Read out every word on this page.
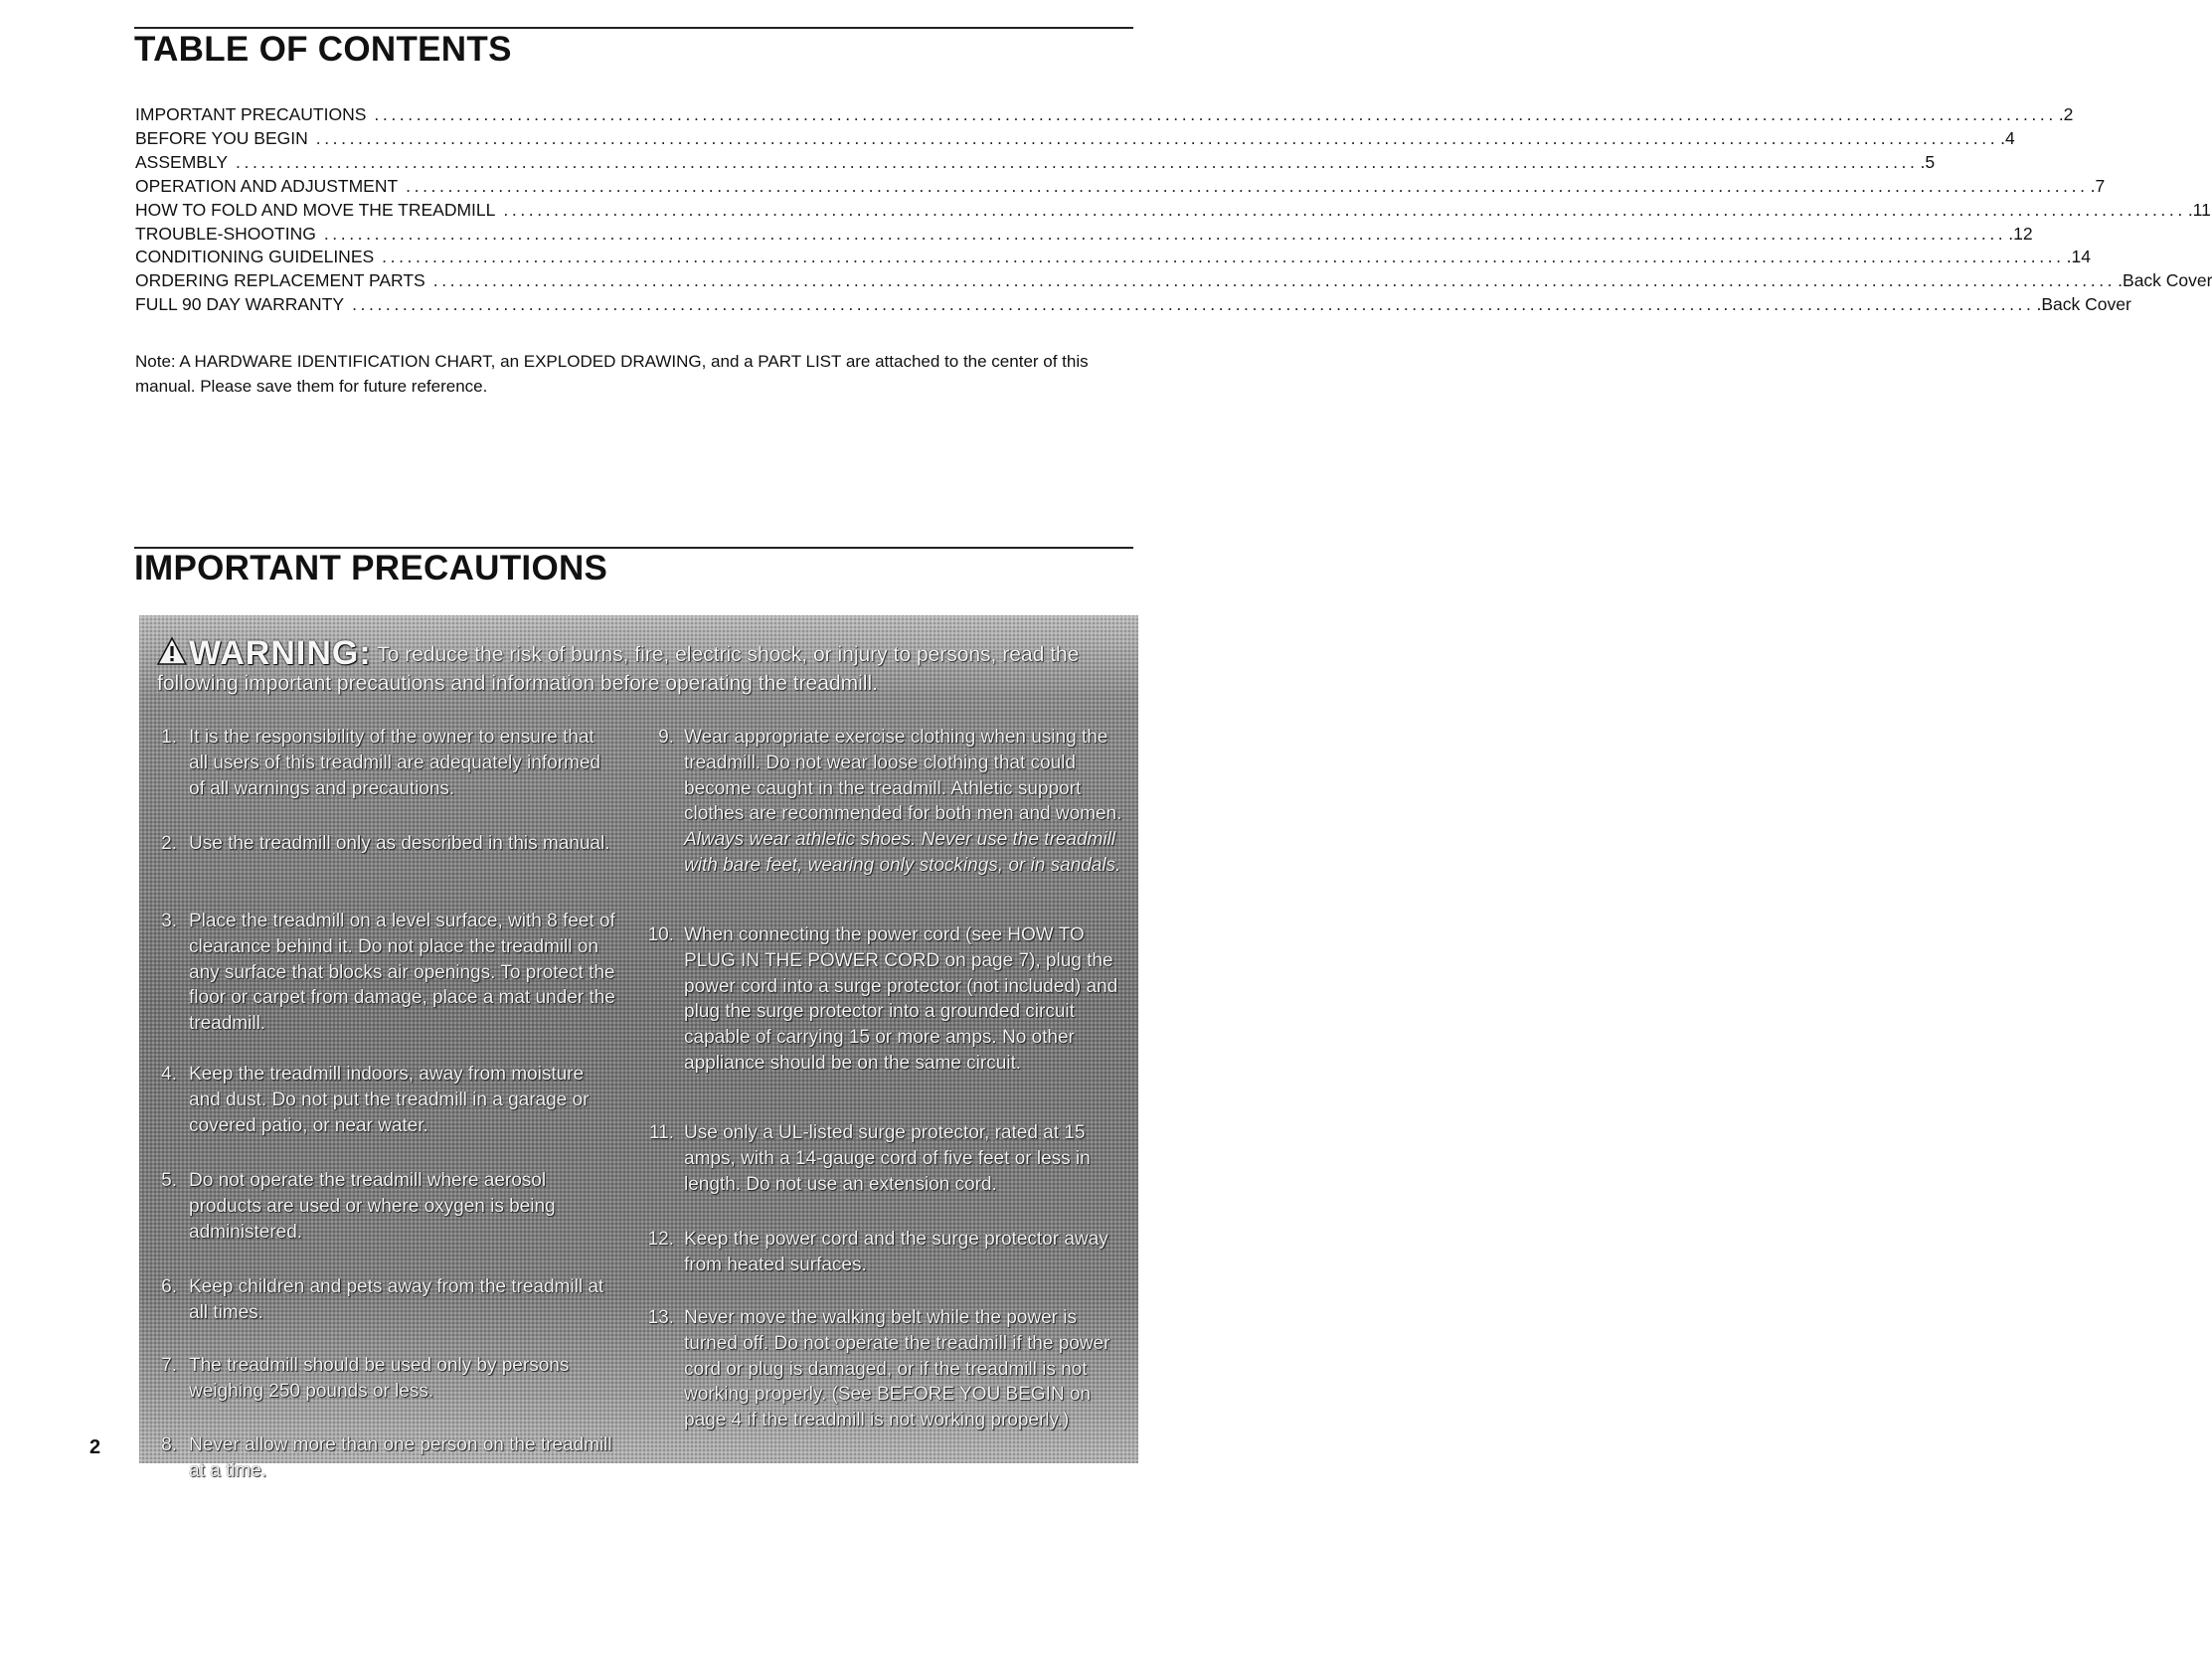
TABLE OF CONTENTS
IMPORTANT PRECAUTIONS ........................................................................................................................................................................................................ .2
BEFORE YOU BEGIN ........................................................................................................................................................................................................ .4
ASSEMBLY ........................................................................................................................................................................................................ .5
OPERATION AND ADJUSTMENT ........................................................................................................................................................................................................ .7
HOW TO FOLD AND MOVE THE TREADMILL ........................................................................................................................................................................................................ .11
TROUBLE-SHOOTING ........................................................................................................................................................................................................ .12
CONDITIONING GUIDELINES ........................................................................................................................................................................................................ .14
ORDERING REPLACEMENT PARTS ........................................................................................................................................................................................................ .Back Cover
FULL 90 DAY WARRANTY ........................................................................................................................................................................................................ .Back Cover

Note: A HARDWARE IDENTIFICATION CHART, an EXPLODED DRAWING, and a PART LIST are attached to the center of this manual. Please save them for future reference.

IMPORTANT PRECAUTIONS

WARNING: To reduce the risk of burns, fire, electric shock, or injury to persons, read the following important precautions and information before operating the treadmill.

1. It is the responsibility of the owner to ensure that all users of this treadmill are adequately informed of all warnings and precautions.
2. Use the treadmill only as described in this manual.
3. Place the treadmill on a level surface, with 8 feet of clearance behind it. Do not place the treadmill on any surface that blocks air openings. To protect the floor or carpet from damage, place a mat under the treadmill.
4. Keep the treadmill indoors, away from moisture and dust. Do not put the treadmill in a garage or covered patio, or near water.
5. Do not operate the treadmill where aerosol products are used or where oxygen is being administered.
6. Keep children and pets away from the treadmill at all times.
7. The treadmill should be used only by persons weighing 250 pounds or less.
8. Never allow more than one person on the treadmill at a time.
9. Wear appropriate exercise clothing when using the treadmill. Do not wear loose clothing that could become caught in the treadmill. Athletic support clothes are recommended for both men and women. Always wear athletic shoes. Never use the treadmill with bare feet, wearing only stockings, or in sandals.
10. When connecting the power cord (see HOW TO PLUG IN THE POWER CORD on page 7), plug the power cord into a surge protector (not included) and plug the surge protector into a grounded circuit capable of carrying 15 or more amps. No other appliance should be on the same circuit.
11. Use only a UL-listed surge protector, rated at 15 amps, with a 14-gauge cord of five feet or less in length. Do not use an extension cord.
12. Keep the power cord and the surge protector away from heated surfaces.
13. Never move the walking belt while the power is turned off. Do not operate the treadmill if the power cord or plug is damaged, or if the treadmill is not working properly. (See BEFORE YOU BEGIN on page 4 if the treadmill is not working properly.)

2
